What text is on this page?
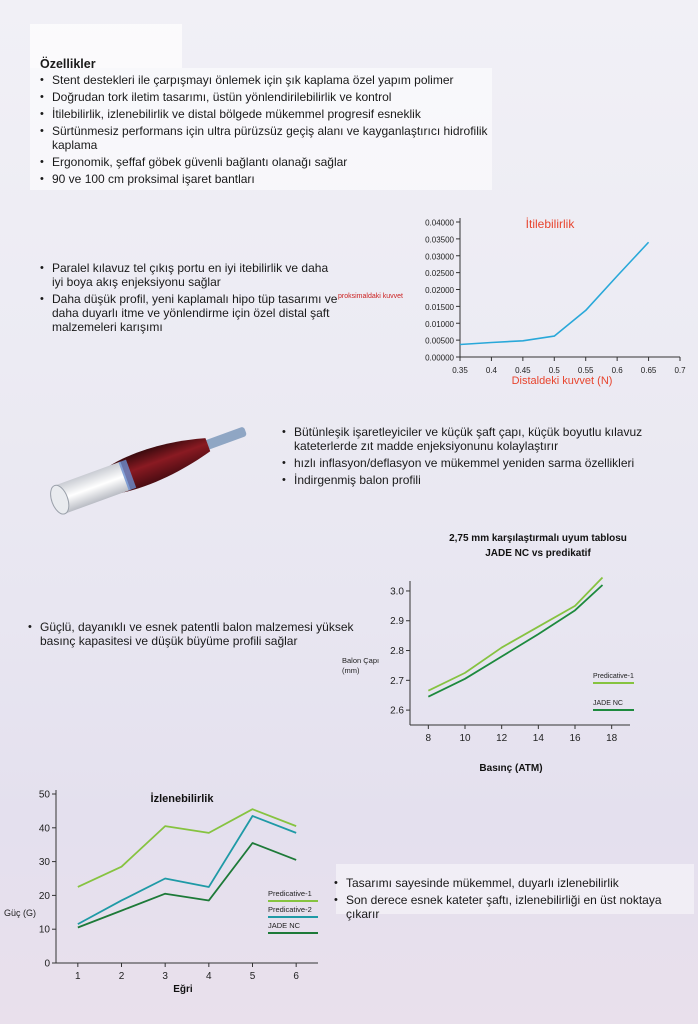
Özellikler
• Stent destekleri ile çarpışmayı önlemek için şık kaplama özel yapım polimer
• Doğrudan tork iletim tasarımı, üstün yönlendirilebilirlik ve kontrol
• İtilebilirlik, izlenebilirlik ve distal bölgede mükemmel progresif esneklik
• Sürtünmesiz performans için ultra pürüzsüz geçiş alanı ve kayganlaştırıcı hidrofilik kaplama
• Ergonomik, şeffaf göbek güvenli bağlantı olanağı sağlar
• 90 ve 100 cm proksimal işaret bantları
• Paralel kılavuz tel çıkış portu en iyi itebilirlik ve daha iyi boya akış enjeksiyonu sağlar
• Daha düşük profil, yeni kaplamalı hipo tüp tasarımı ve daha duyarlı itme ve yönlendirme için özel distal şaft malzemeleri karışımı
0.00000
0.00500
0.01000
0.01500
0.02000
0.02500
0.03000
0.03500
0.04000
0.35 0.4 0.45 0.5 0.55 0.6 0.65 0.7
İtilebilirlik
Distaldeki kuvvet (N)
• Bütünleşik işaretleyiciler ve küçük şaft çapı, küçük boyutlu kılavuz kateterlerde zıt madde enjeksiyonunu kolaylaştırır
• hızlı inflasyon/deflasyon ve mükemmel yeniden sarma özellikleri
• İndirgenmiş balon profili
2.6
2.7
2.8
2.9
3.0
8	10	12	14	16	18
2,75 mm karşılaştırmalı uyum tablosu
JADE NC vs predikatif
Basınç (ATM)
Balon Çapı
(mm)
Predicative-1
JADE NC
• Güçlü, dayanıklı ve esnek patentli balon malzemesi yüksek basınç kapasitesi ve düşük büyüme profili sağlar
0
10
20
30
40
50
1	2	3	4	5	6
İzlenebilirlik
Eğri
Güç (G)
Predicative-1
Predicative-2
JADE NC
• Tasarımı sayesinde mükemmel, duyarlı izlenebilirlik
• Son derece esnek kateter şaftı, izlenebilirliği en üst noktaya çıkarır
proksimaldaki kuvvet
